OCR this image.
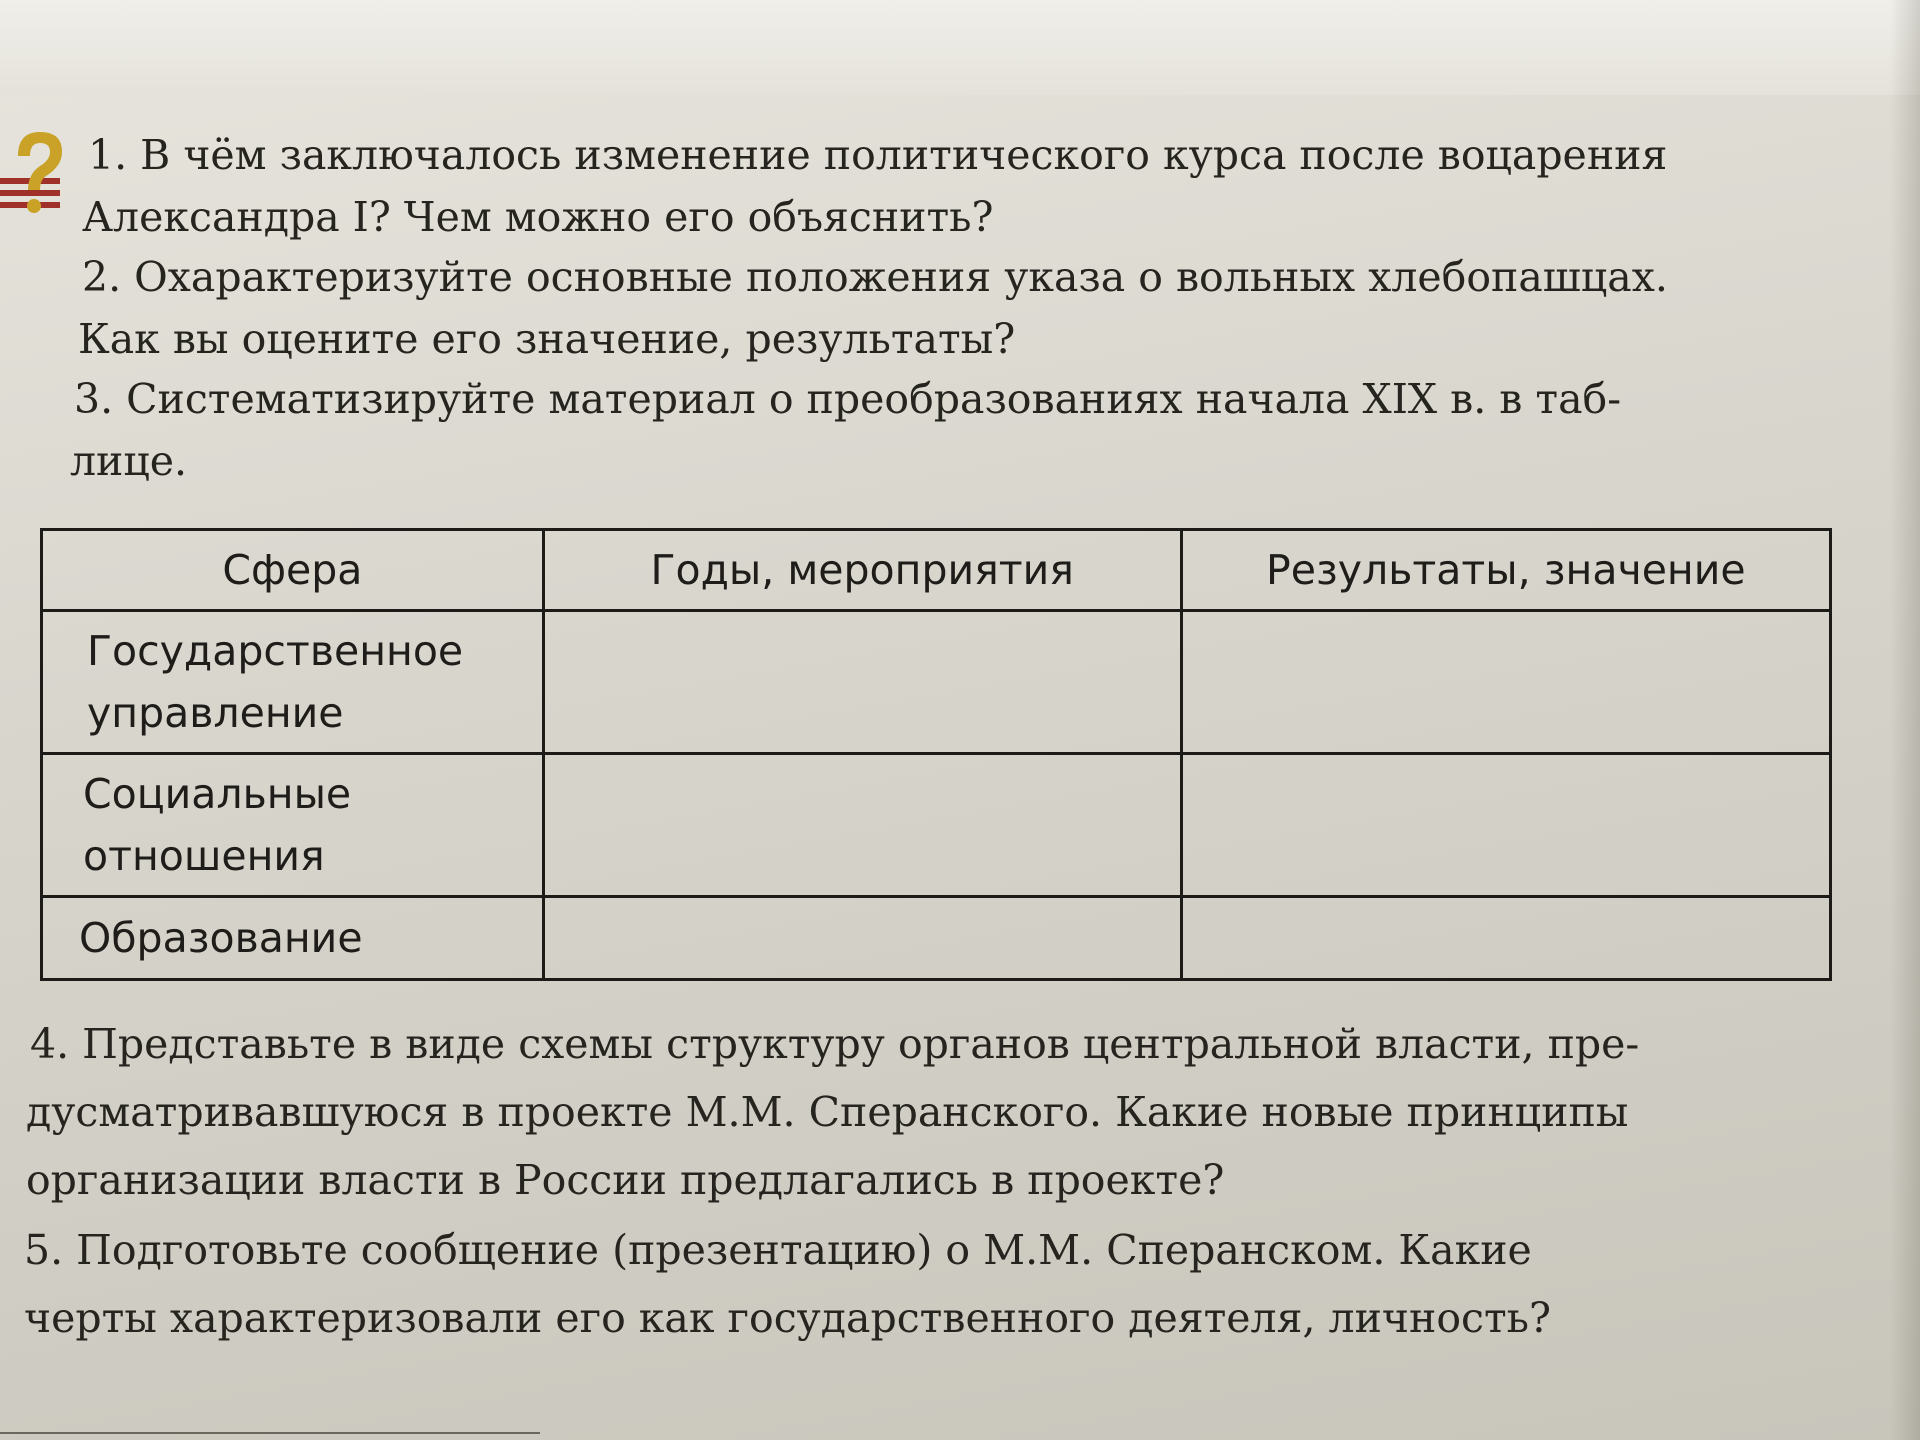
1. В чём заключалось изменение политического курса после воцарения
Александра I? Чем можно его объяснить?
2. Охарактеризуйте основные положения указа о вольных хлебопашцах.
Как вы оцените его значение, результаты?
3. Систематизируйте материал о преобразованиях начала XIX в. в таб-
лице.
Сфера	Годы, мероприятия	Результаты, значение

Государственное
управление		

Социальные
отношения		

Образование		

4. Представьте в виде схемы структуру органов центральной власти, пре-
дусматривавшуюся в проекте М.М. Сперанского. Какие новые принципы
организации власти в России предлагались в проекте?
5. Подготовьте сообщение (презентацию) о М.М. Сперанском. Какие
черты характеризовали его как государственного деятеля, личность?
